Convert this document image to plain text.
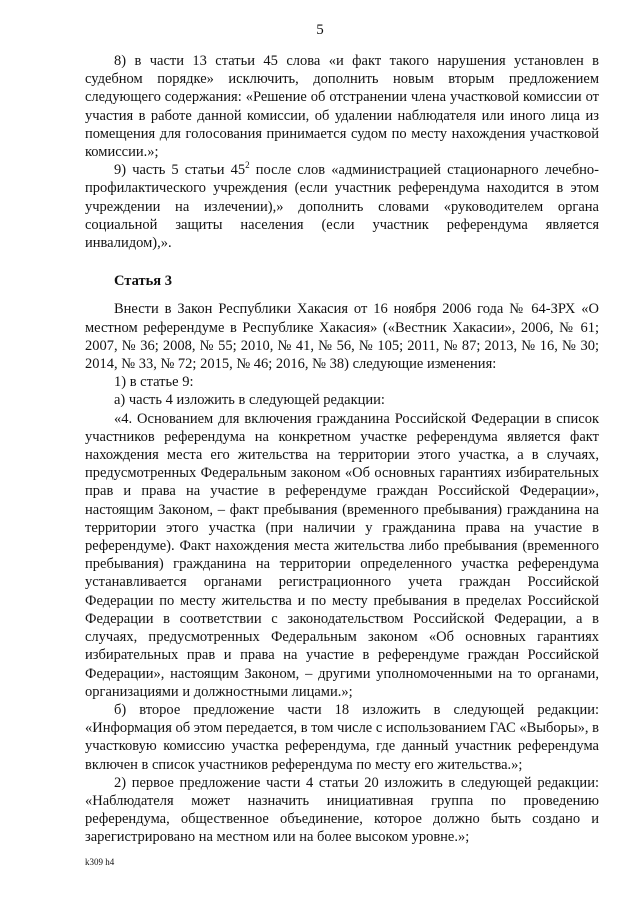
5

8) в части 13 статьи 45 слова «и факт такого нарушения установлен в судебном порядке» исключить, дополнить новым вторым предложением следующего содержания: «Решение об отстранении члена участковой комиссии от участия в работе данной комиссии, об удалении наблюдателя или иного лица из помещения для голосования принимается судом по месту нахождения участковой комиссии.»;

9) часть 5 статьи $45^2$ после слов «администрацией стационарного лечебно-профилактического учреждения (если участник референдума находится в этом учреждении на излечении),» дополнить словами «руководителем органа социальной защиты населения (если участник референдума является инвалидом),».

Статья 3

Внести в Закон Республики Хакасия от 16 ноября 2006 года № 64-ЗРХ «О местном референдуме в Республике Хакасия» («Вестник Хакасии», 2006, № 61; 2007, № 36; 2008, № 55; 2010, № 41, № 56, № 105; 2011, № 87; 2013, № 16, № 30; 2014, № 33, № 72; 2015, № 46; 2016, № 38) следующие изменения:

1) в статье 9:

а) часть 4 изложить в следующей редакции:

«4. Основанием для включения гражданина Российской Федерации в список участников референдума на конкретном участке референдума является факт нахождения места его жительства на территории этого участка, а в случаях, предусмотренных Федеральным законом «Об основных гарантиях избирательных прав и права на участие в референдуме граждан Российской Федерации», настоящим Законом, – факт пребывания (временного пребывания) гражданина на территории этого участка (при наличии у гражданина права на участие в референдуме). Факт нахождения места жительства либо пребывания (временного пребывания) гражданина на территории определенного участка референдума устанавливается органами регистрационного учета граждан Российской Федерации по месту жительства и по месту пребывания в пределах Российской Федерации в соответствии с законодательством Российской Федерации, а в случаях, предусмотренных Федеральным законом «Об основных гарантиях избирательных прав и права на участие в референдуме граждан Российской Федерации», настоящим Законом, – другими уполномоченными на то органами, организациями и должностными лицами.»;

б) второе предложение части 18 изложить в следующей редакции: «Информация об этом передается, в том числе с использованием ГАС «Выборы», в участковую комиссию участка референдума, где данный участник референдума включен в список участников референдума по месту его жительства.»;

2) первое предложение части 4 статьи 20 изложить в следующей редакции: «Наблюдателя может назначить инициативная группа по проведению референдума, общественное объединение, которое должно быть создано и зарегистрировано на местном или на более высоком уровне.»;

k309 h4
